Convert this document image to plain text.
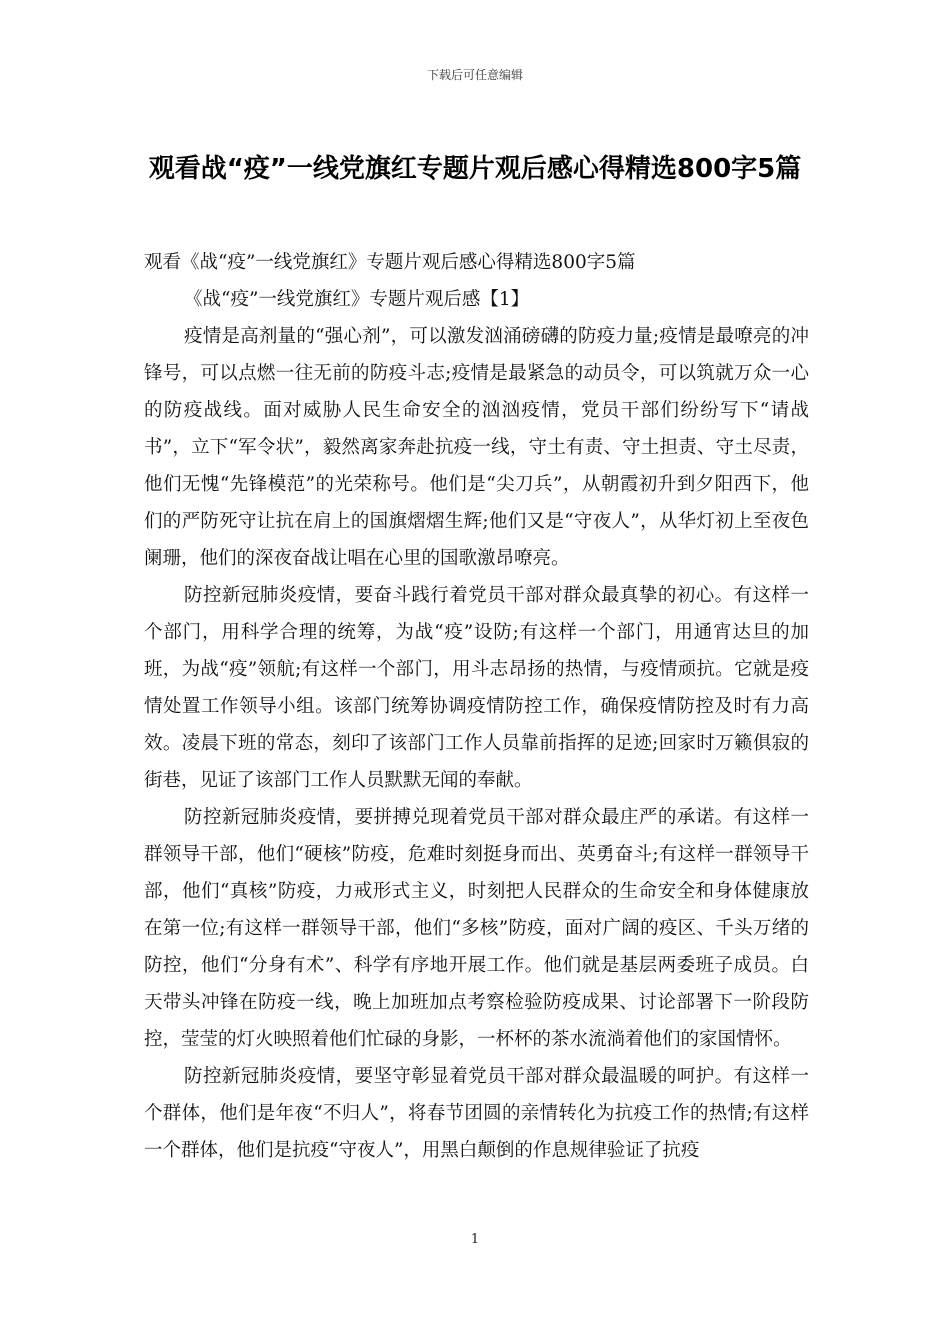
下载后可任意编辑
观看战“疫”一线党旗红专题片观后感心得精选800字5篇

观看《战“疫”一线党旗红》专题片观后感心得精选800字5篇

《战“疫”一线党旗红》专题片观后感【1】

疫情是高剂量的“强心剂”，可以激发汹涌磅礴的防疫力量;疫情是最嘹亮的冲锋号，可以点燃一往无前的防疫斗志;疫情是最紧急的动员令，可以筑就万众一心的防疫战线。面对威胁人民生命安全的汹汹疫情，党员干部们纷纷写下“请战书”，立下“军令状”，毅然离家奔赴抗疫一线，守土有责、守土担责、守土尽责，他们无愧“先锋模范”的光荣称号。他们是“尖刀兵”，从朝霞初升到夕阳西下，他们的严防死守让抗在肩上的国旗熠熠生辉;他们又是“守夜人”，从华灯初上至夜色阑珊，他们的深夜奋战让唱在心里的国歌激昂嘹亮。

防控新冠肺炎疫情，要奋斗践行着党员干部对群众最真挚的初心。有这样一个部门，用科学合理的统筹，为战“疫”设防;有这样一个部门，用通宵达旦的加班，为战“疫”领航;有这样一个部门，用斗志昂扬的热情，与疫情顽抗。它就是疫情处置工作领导小组。该部门统筹协调疫情防控工作，确保疫情防控及时有力高效。凌晨下班的常态，刻印了该部门工作人员靠前指挥的足迹;回家时万籁俱寂的街巷，见证了该部门工作人员默默无闻的奉献。

防控新冠肺炎疫情，要拼搏兑现着党员干部对群众最庄严的承诺。有这样一群领导干部，他们“硬核”防疫，危难时刻挺身而出、英勇奋斗;有这样一群领导干部，他们“真核”防疫，力戒形式主义，时刻把人民群众的生命安全和身体健康放在第一位;有这样一群领导干部，他们“多核”防疫，面对广阔的疫区、千头万绪的防控，他们“分身有术”、科学有序地开展工作。他们就是基层两委班子成员。白天带头冲锋在防疫一线，晚上加班加点考察检验防疫成果、讨论部署下一阶段防控，莹莹的灯火映照着他们忙碌的身影，一杯杯的茶水流淌着他们的家国情怀。

防控新冠肺炎疫情，要坚守彰显着党员干部对群众最温暖的呵护。有这样一个群体，他们是年夜“不归人”，将春节团圆的亲情转化为抗疫工作的热情;有这样一个群体，他们是抗疫“守夜人”，用黑白颠倒的作息规律验证了抗疫

1
